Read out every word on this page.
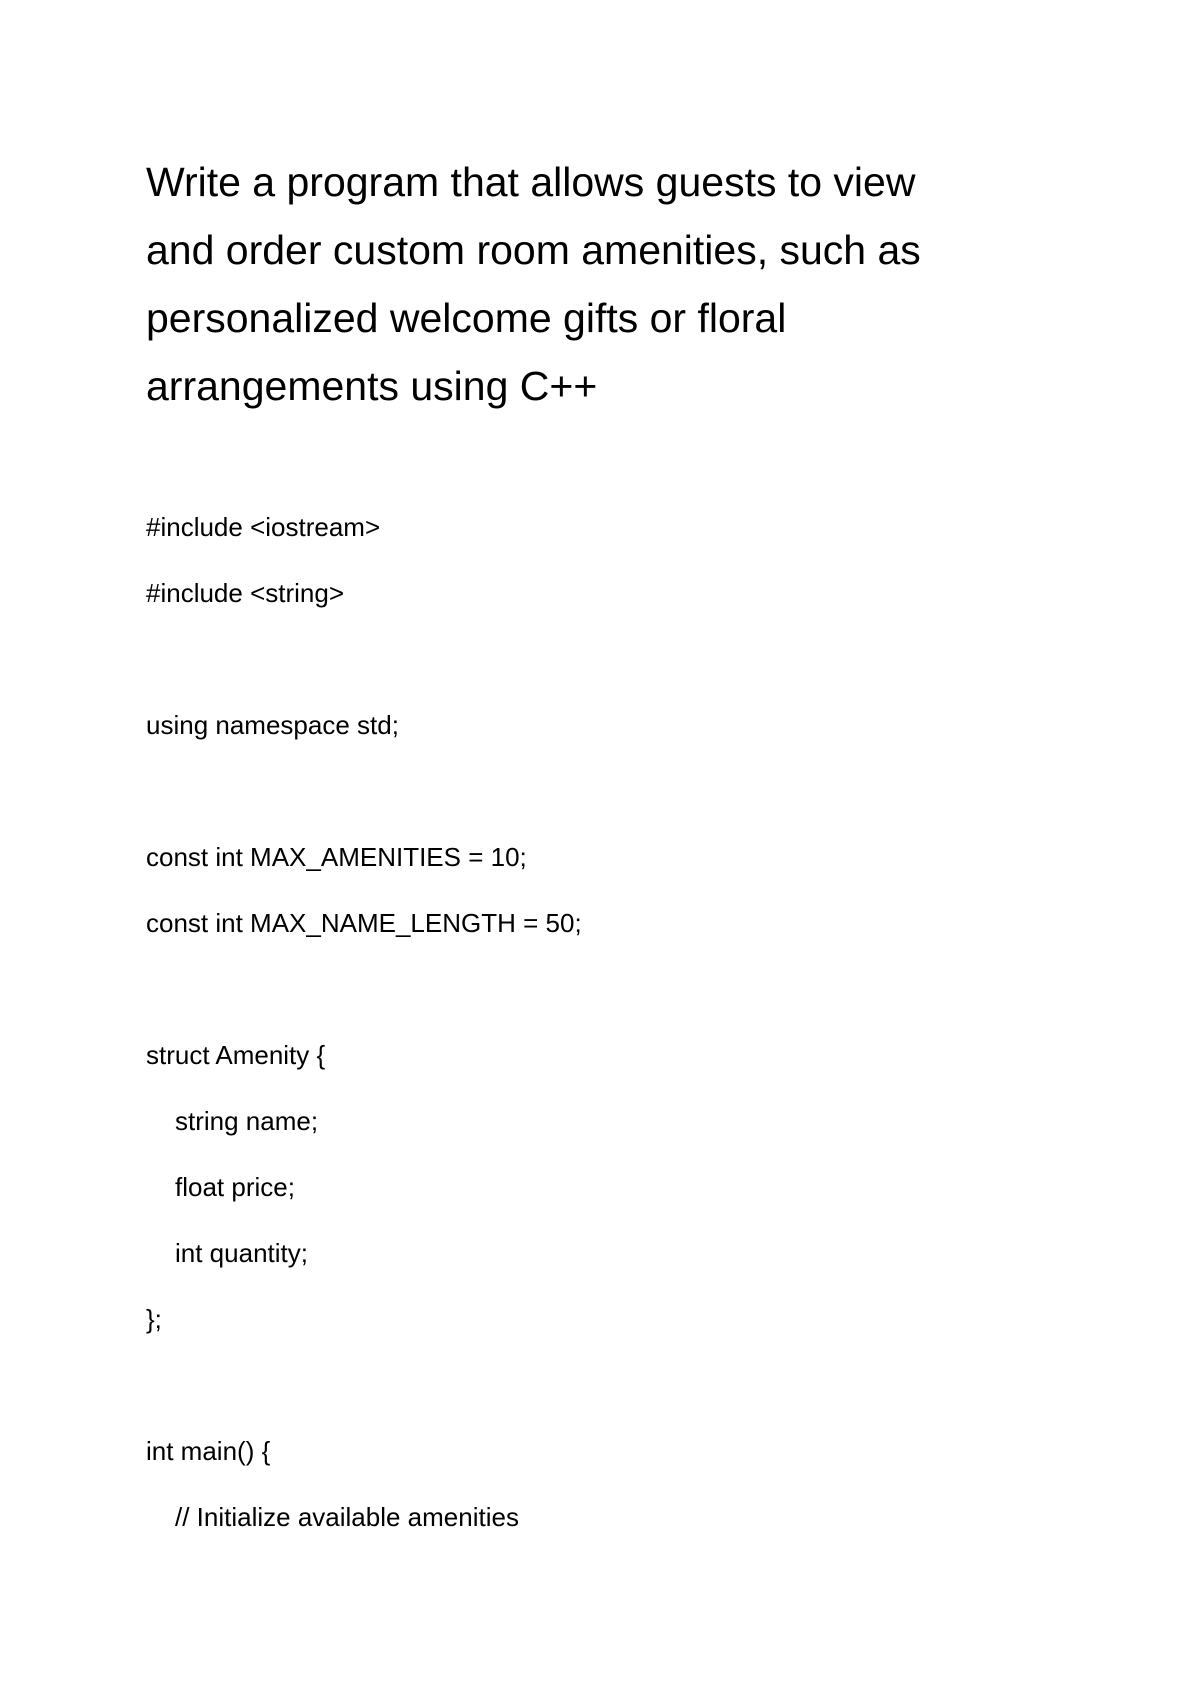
Write a program that allows guests to view
and order custom room amenities, such as
personalized welcome gifts or floral
arrangements using C++

#include <iostream>

#include <string>

using namespace std;

const int MAX_AMENITIES = 10;

const int MAX_NAME_LENGTH = 50;

struct Amenity {

string name;

float price;

int quantity;

};

int main() {

// Initialize available amenities
